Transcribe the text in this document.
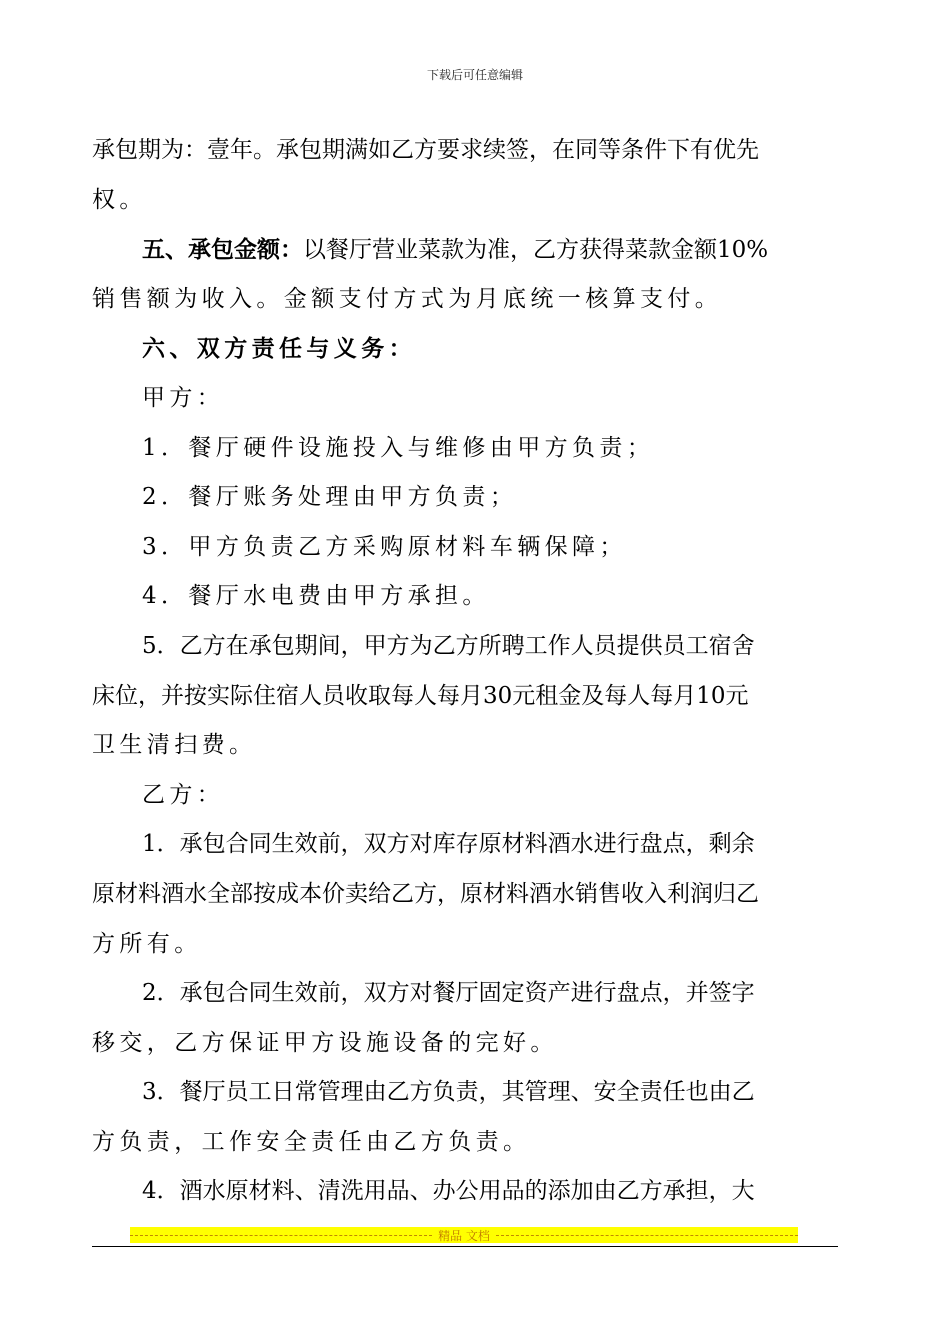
下载后可任意编辑
承包期为：壹年。承包期满如乙方要求续签，在同等条件下有优先
权。
五、承包金额：以餐厅营业菜款为准，乙方获得菜款金额10%
销售额为收入。金额支付方式为月底统一核算支付。
六、双方责任与义务：
甲方：
1．餐厅硬件设施投入与维修由甲方负责；
2．餐厅账务处理由甲方负责；
3．甲方负责乙方采购原材料车辆保障；
4．餐厅水电费由甲方承担。
5．乙方在承包期间，甲方为乙方所聘工作人员提供员工宿舍
床位，并按实际住宿人员收取每人每月30元租金及每人每月10元
卫生清扫费。
乙方：
1．承包合同生效前，双方对库存原材料酒水进行盘点，剩余
原材料酒水全部按成本价卖给乙方，原材料酒水销售收入利润归乙
方所有。
2．承包合同生效前，双方对餐厅固定资产进行盘点，并签字
移交，乙方保证甲方设施设备的完好。
3．餐厅员工日常管理由乙方负责，其管理、安全责任也由乙
方负责，工作安全责任由乙方负责。
4．酒水原材料、清洗用品、办公用品的添加由乙方承担，大
精品 文档
